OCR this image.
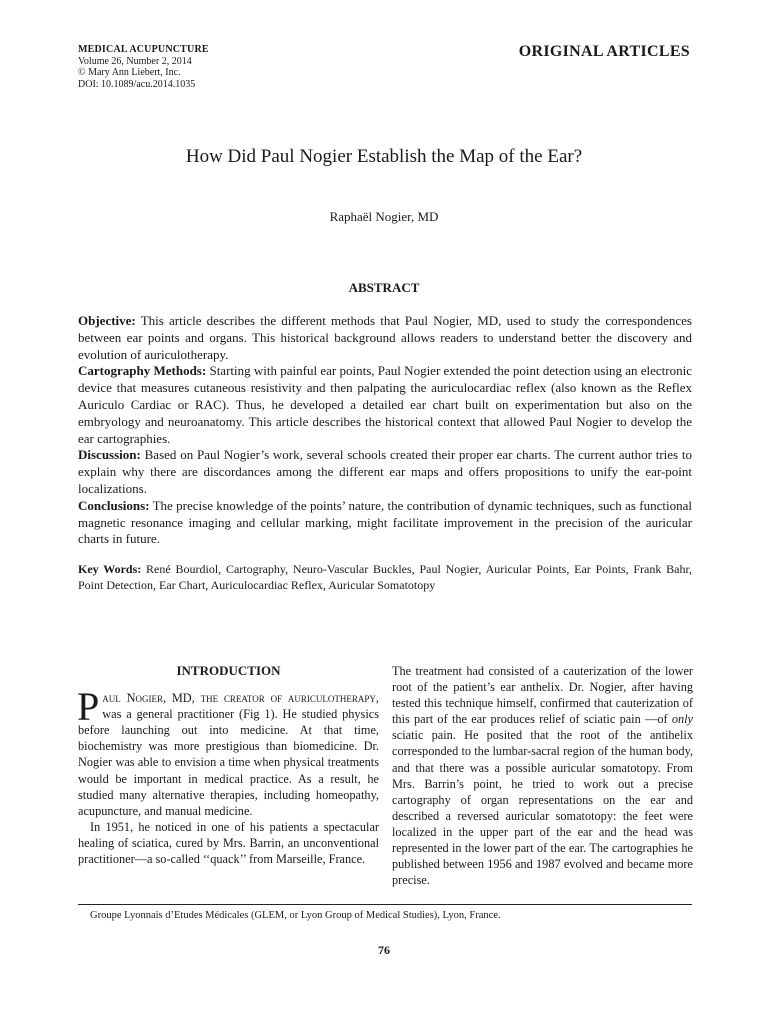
MEDICAL ACUPUNCTURE
Volume 26, Number 2, 2014
© Mary Ann Liebert, Inc.
DOI: 10.1089/acu.2014.1035
ORIGINAL ARTICLES
How Did Paul Nogier Establish the Map of the Ear?
Raphaël Nogier, MD
ABSTRACT

Objective: This article describes the different methods that Paul Nogier, MD, used to study the correspondences between ear points and organs. This historical background allows readers to understand better the discovery and evolution of auriculotherapy.

Cartography Methods: Starting with painful ear points, Paul Nogier extended the point detection using an electronic device that measures cutaneous resistivity and then palpating the auriculocardiac reflex (also known as the Reflex Auriculo Cardiac or RAC). Thus, he developed a detailed ear chart built on experimentation but also on the embryology and neuroanatomy. This article describes the historical context that allowed Paul Nogier to develop the ear cartographies.

Discussion: Based on Paul Nogier’s work, several schools created their proper ear charts. The current author tries to explain why there are discordances among the different ear maps and offers propositions to unify the ear-point localizations.

Conclusions: The precise knowledge of the points’ nature, the contribution of dynamic techniques, such as functional magnetic resonance imaging and cellular marking, might facilitate improvement in the precision of the auricular charts in future.

Key Words: René Bourdiol, Cartography, Neuro-Vascular Buckles, Paul Nogier, Auricular Points, Ear Points, Frank Bahr, Point Detection, Ear Chart, Auriculocardiac Reflex, Auricular Somatotopy
INTRODUCTION

Paul Nogier, MD, the creator of auriculotherapy, was a general practitioner (Fig 1). He studied physics before launching out into medicine. At that time, biochemistry was more prestigious than biomedicine. Dr. Nogier was able to envision a time when physical treatments would be important in medical practice. As a result, he studied many alternative therapies, including homeopathy, acupuncture, and manual medicine.

In 1951, he noticed in one of his patients a spectacular healing of sciatica, cured by Mrs. Barrin, an unconventional practitioner—a so-called ‘‘quack’’ from Marseille, France.

The treatment had consisted of a cauterization of the lower root of the patient’s ear anthelix. Dr. Nogier, after having tested this technique himself, confirmed that cauterization of this part of the ear produces relief of sciatic pain —of only sciatic pain. He posited that the root of the antihelix corresponded to the lumbar-sacral region of the human body, and that there was a possible auricular somatotopy. From Mrs. Barrin’s point, he tried to work out a precise cartography of organ representations on the ear and described a reversed auricular somatotopy: the feet were localized in the upper part of the ear and the head was represented in the lower part of the ear. The cartographies he published between 1956 and 1987 evolved and became more precise.

Groupe Lyonnais d’Etudes Médicales (GLEM, or Lyon Group of Medical Studies), Lyon, France.
76
